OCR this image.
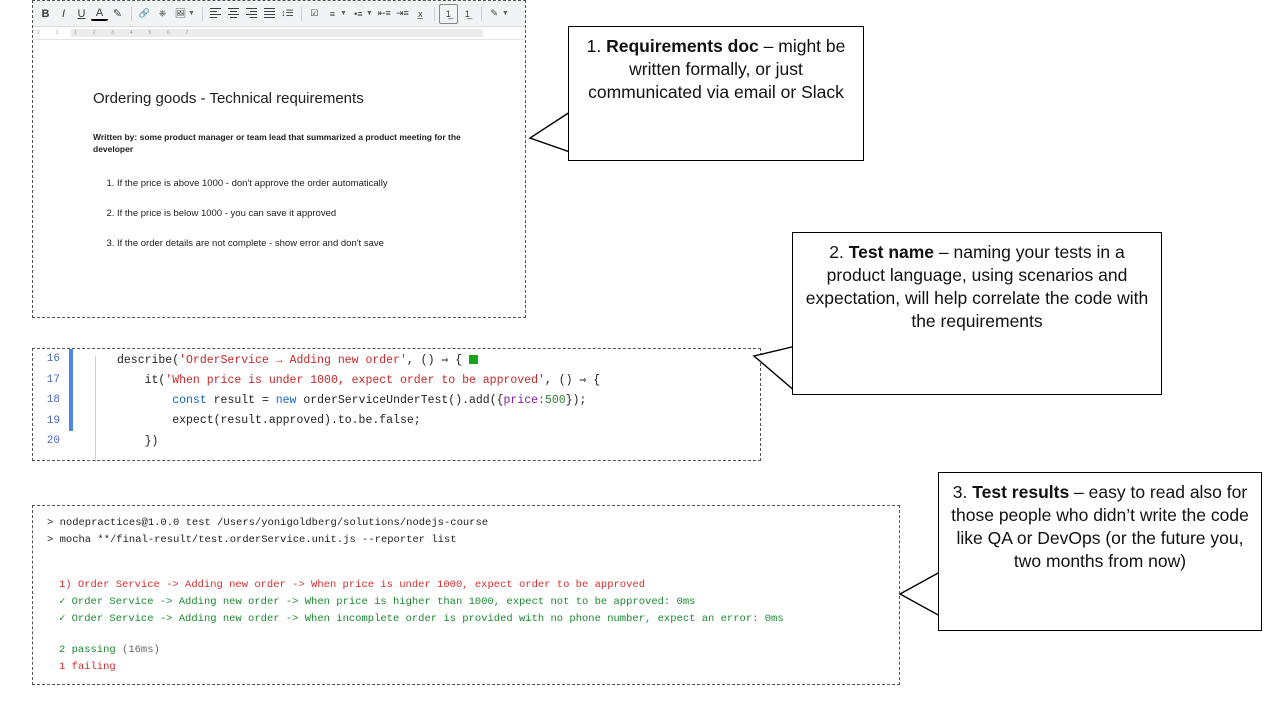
B	I	U A ✎	🔗 ⎈ 🖼 ▼	↕☰	☑	≡ ▼ •≡ ▼ ⇤≡ ⇥≡	x̲	1̲	1̲	✎ ▼
2 1 1 2 3 4 5 6 7
Ordering goods - Technical requirements

Written by: some product manager or team lead that summarized a product meeting for the developer

1. If the price is above 1000 - don't approve the order automatically
2. If the price is below 1000 - you can save it approved
3. If the order details are not complete - show error and don't save
16	describe('OrderService → Adding new order', () ⇒ {
17	it('When price is under 1000, expect order to be approved', () ⇒ {
18	const result = new orderServiceUnderTest().add({price:500});
19	expect(result.approved).to.be.false;
20	})
> nodepractices@1.0.0 test /Users/yonigoldberg/solutions/nodejs-course
> mocha **/final-result/test.orderService.unit.js --reporter list
1) Order Service -> Adding new order -> When price is under 1000, expect order to be approved
✓ Order Service -> Adding new order -> When price is higher than 1000, expect not to be approved: 0ms
✓ Order Service -> Adding new order -> When incomplete order is provided with no phone number, expect an error: 0ms
2 passing (16ms)
1 failing
1. Requirements doc – might be written formally, or just communicated via email or Slack
2. Test name – naming your tests in a product language, using scenarios and expectation, will help correlate the code with the requirements
3. Test results – easy to read also for those people who didn’t write the code like QA or DevOps (or the future you, two months from now)
